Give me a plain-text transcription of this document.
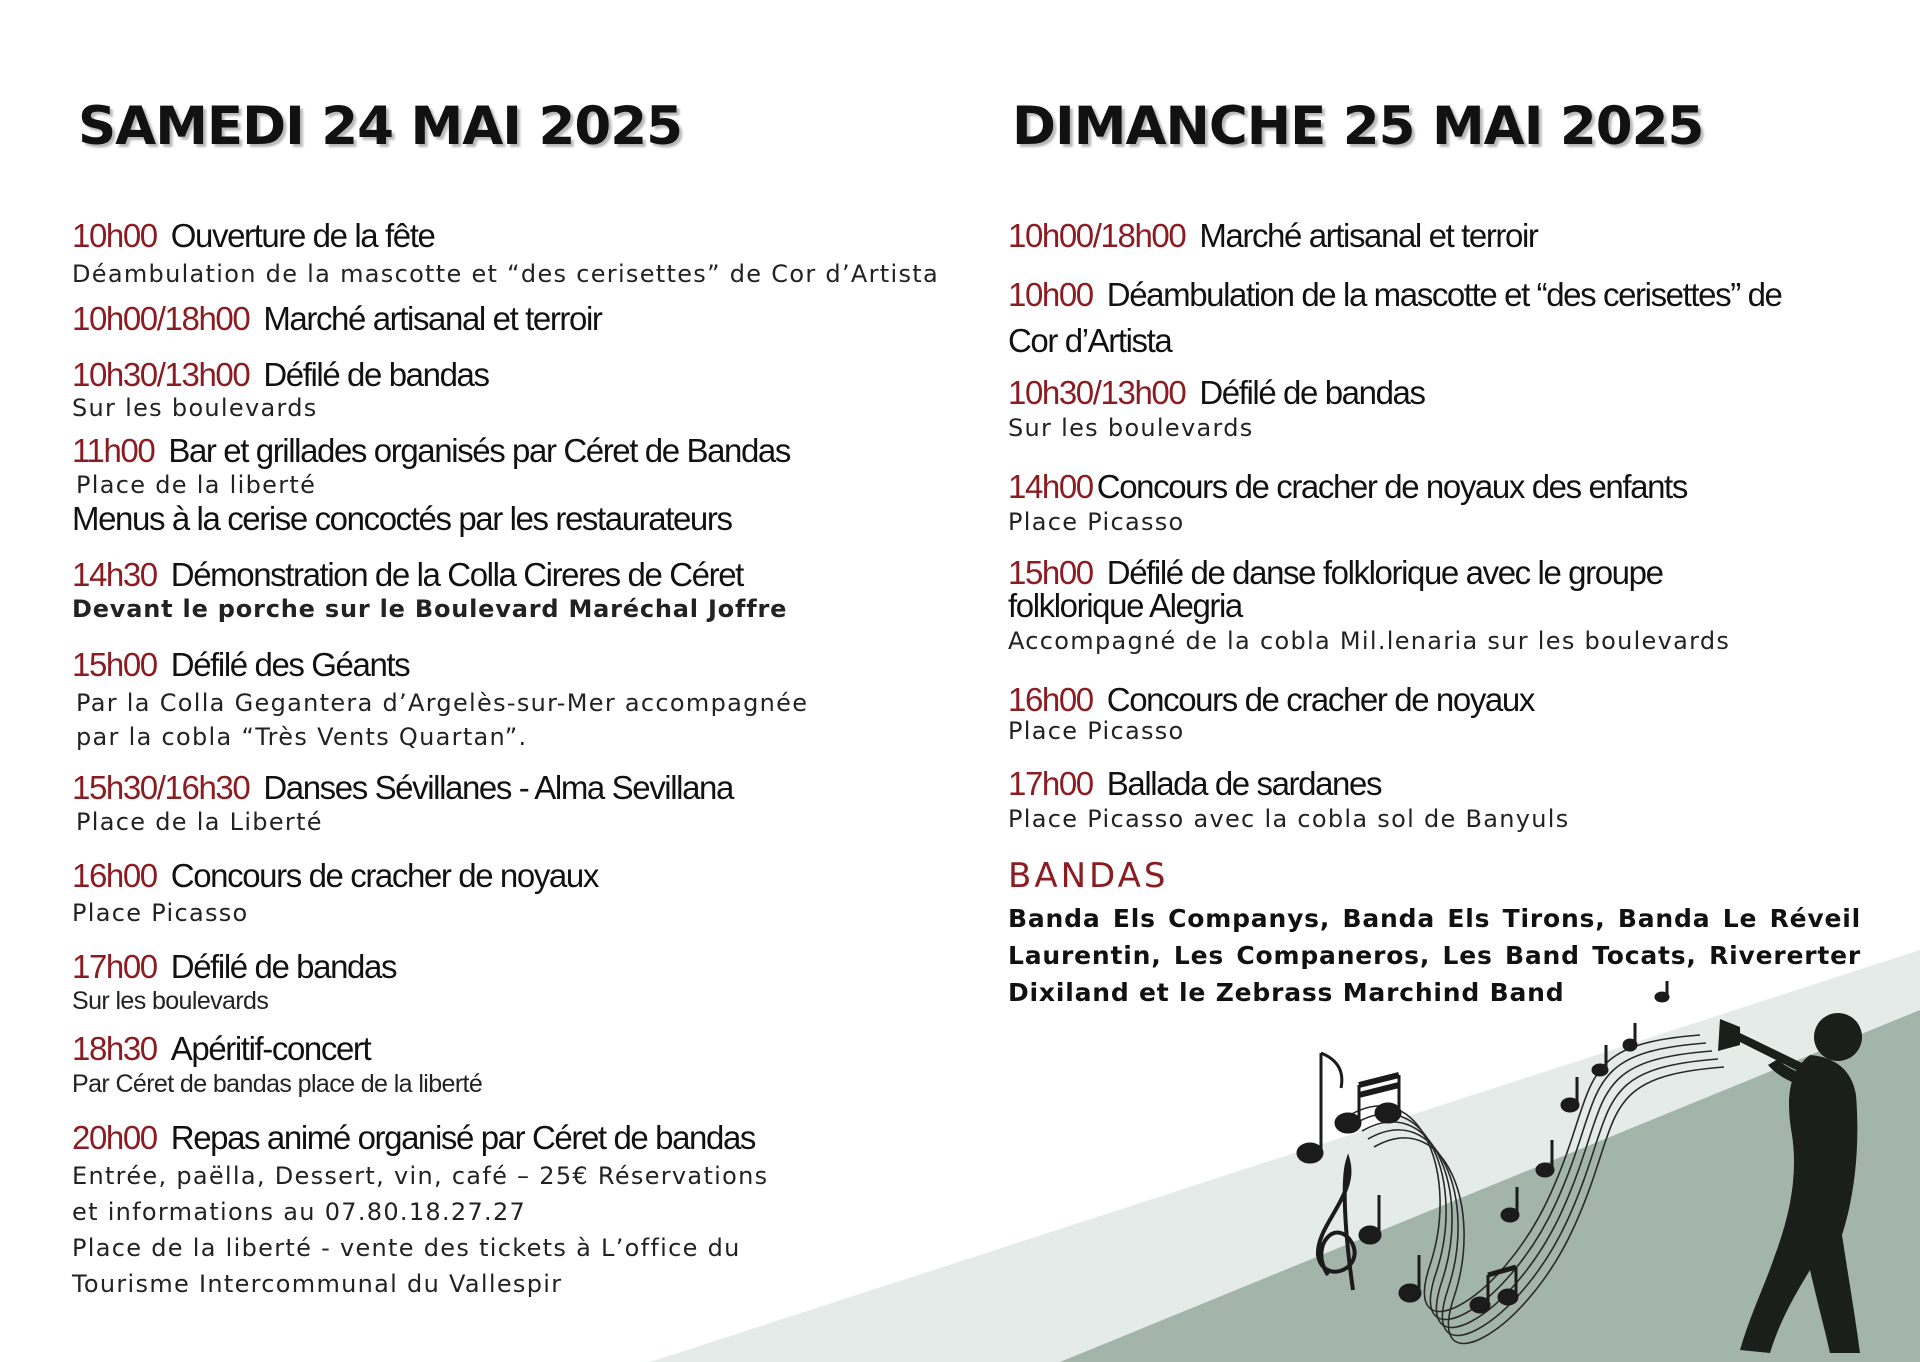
SAMEDI 24 MAI 2025
10h00 Ouverture de la fête
Déambulation de la mascotte et “des cerisettes” de Cor d’Artista
10h00/18h00 Marché artisanal et terroir
10h30/13h00 Défilé de bandas
Sur les boulevards
11h00 Bar et grillades organisés par Céret de Bandas
Place de la liberté
Menus à la cerise concoctés par les restaurateurs
14h30 Démonstration de la Colla Cireres de Céret
Devant le porche sur le Boulevard Maréchal Joffre
15h00 Défilé des Géants
Par la Colla Gegantera d’Argelès-sur-Mer accompagnée
par la cobla “Très Vents Quartan”.
15h30/16h30 Danses Sévillanes - Alma Sevillana
Place de la Liberté
16h00 Concours de cracher de noyaux
Place Picasso
17h00 Défilé de bandas
Sur les boulevards
18h30 Apéritif-concert
Par Céret de bandas place de la liberté
20h00 Repas animé organisé par Céret de bandas
Entrée, paëlla, Dessert, vin, café – 25€ Réservations
et informations au 07.80.18.27.27
Place de la liberté - vente des tickets à L’office du
Tourisme Intercommunal du Vallespir
DIMANCHE 25 MAI 2025
10h00/18h00 Marché artisanal et terroir
10h00 Déambulation de la mascotte et “des cerisettes” de
Cor d’Artista
10h30/13h00 Défilé de bandas
Sur les boulevards
14h00 Concours de cracher de noyaux des enfants
Place Picasso
15h00 Défilé de danse folklorique avec le groupe
folklorique Alegria
Accompagné de la cobla Mil.lenaria sur les boulevards
16h00 Concours de cracher de noyaux
Place Picasso
17h00 Ballada de sardanes
Place Picasso avec la cobla sol de Banyuls
BANDAS
Banda Els Companys, Banda Els Tirons, Banda Le Réveil Laurentin, Les Companeros, Les Band Tocats, Rivererter Dixiland et le Zebrass Marchind Band
